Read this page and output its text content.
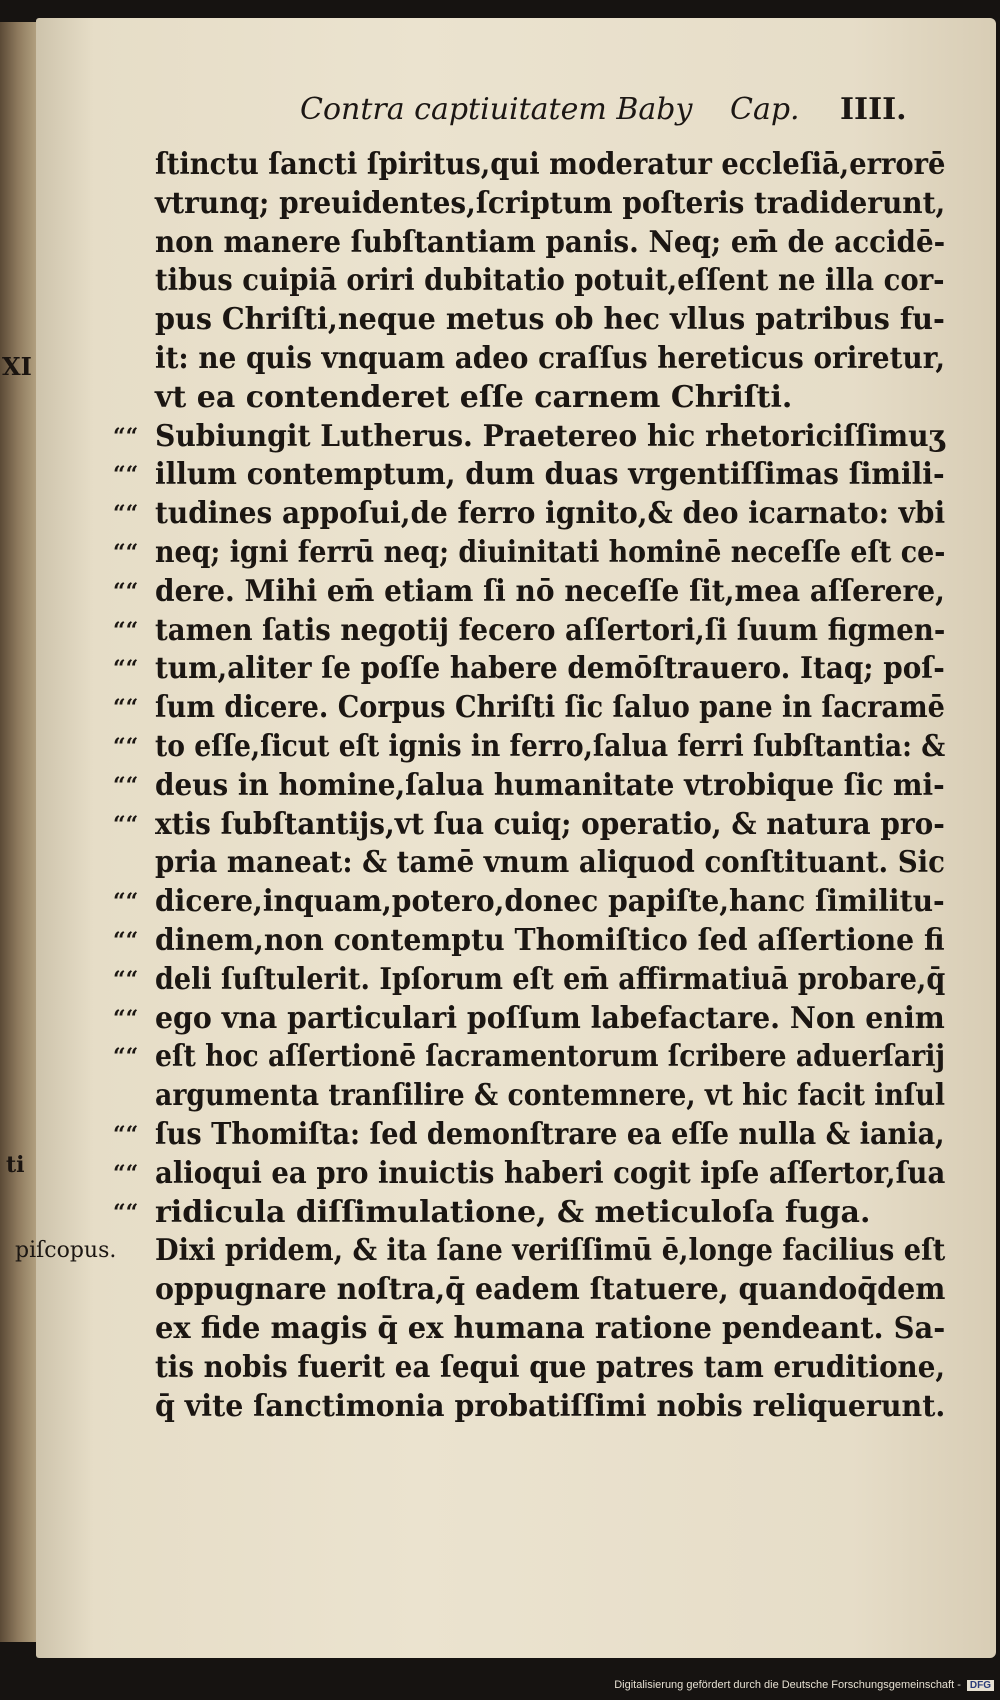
XI
ti
Contra captiuitatem Baby Cap. IIII.
ſtinctu ſancti ſpiritus,qui moderatur eccleſiā,errorē
vtrunq; preuidentes,ſcriptum poſteris tradiderunt,
non manere ſubſtantiam panis. Neq; em̄ de accidē-
tibus cuipiā oriri dubitatio potuit,eſſent ne illa cor-
pus Chriſti,neque metus ob hec vllus patribus fu-
it: ne quis vnquam adeo craſſus hereticus oriretur,
vt ea contenderet eſſe carnem Chriſti.
““ Subiungit Lutherus. Praetereo hic rhetoriciſſimuʒ
““ illum contemptum, dum duas vrgentiſſimas ſimili-
““ tudines appoſui,de ferro ignito,& deo icarnato: vbi
““ neq; igni ferrū neq; diuinitati hominē neceſſe eſt ce-
““ dere. Mihi em̄ etiam ſi nō neceſſe ſit,mea aſſerere,
““ tamen ſatis negotij fecero aſſertori,ſi ſuum figmen-
““ tum,aliter ſe poſſe habere demōſtrauero. Itaq; poſ-
““ ſum dicere. Corpus Chriſti ſic ſaluo pane in ſacramē
““ to eſſe,ſicut eſt ignis in ferro,ſalua ferri ſubſtantia: &
““ deus in homine,ſalua humanitate vtrobique ſic mi-
““ xtis ſubſtantijs,vt ſua cuiq; operatio, & natura pro-
pria maneat: & tamē vnum aliquod conſtituant. Sic
““ dicere,inquam,potero,donec papiſte,hanc ſimilitu-
““ dinem,non contemptu Thomiſtico ſed aſſertione fi
““ deli ſuſtulerit. Ipſorum eſt em̄ affirmatiuā probare,q̄
““ ego vna particulari poſſum labefactare. Non enim
““ eſt hoc aſſertionē ſacramentorum ſcribere aduerſarij
argumenta tranſilire & contemnere, vt hic facit inſul
““ ſus Thomiſta: ſed demonſtrare ea eſſe nulla & iania,
““ alioqui ea pro inuictis haberi cogit ipſe aſſertor,ſua
““ ridicula diſſimulatione, & meticuloſa fuga.
Dixi pridem, & ita ſane veriſſimū ē,longe facilius eſt
piſcopus.
oppugnare noſtra,q̄ eadem ſtatuere, quandoq̄dem
ex fide magis q̄ ex humana ratione pendeant. Sa-
tis nobis fuerit ea ſequi que patres tam eruditione,
q̄ vite ſanctimonia probatiſſimi nobis reliquerunt.
Digitalisierung gefördert durch die Deutsche Forschungsgemeinschaft - DFG
